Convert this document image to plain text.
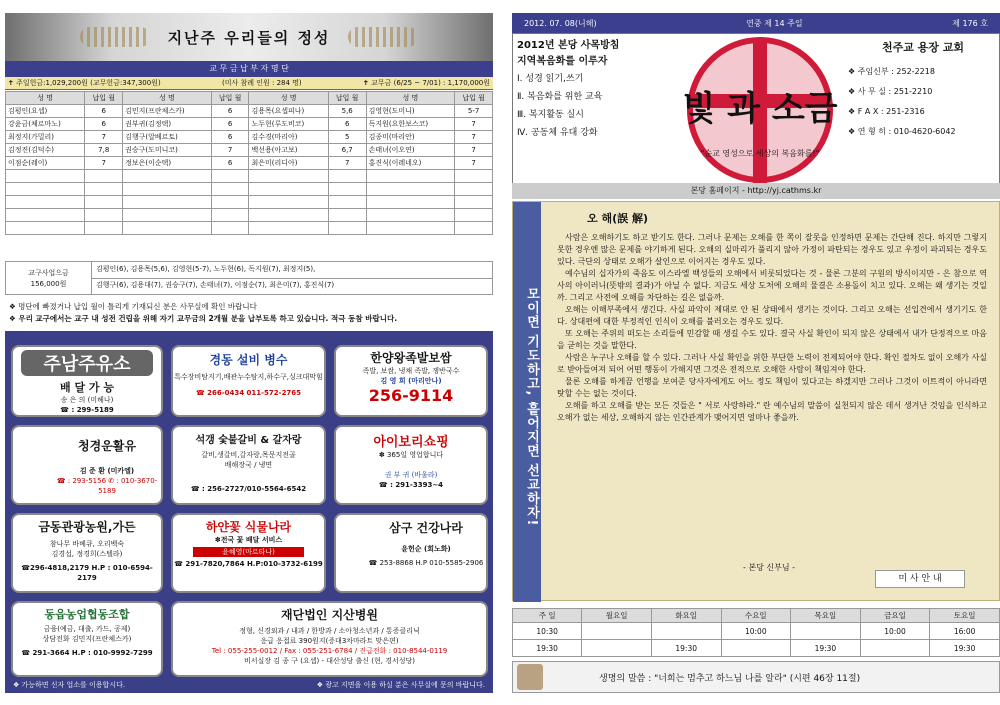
지난주 우리들의 정성
교 무 금 납 부 자 명 단
✝ 주일헌금:1,029,200원 (교무헌금:347,300원)	(미사 참례 인원 : 284 명)	✝ 교무금 (6/25 ~ 7/01) : 1,170,000원
성 명	납입 월	성 명	납입 월	성 명	납입 월	성 명	납입 월
김평인(요셉)	6	김민지(프란체스카)	6	김용목(요셉피나)	5,6	김영현(도미니)	5-7
강윤금(체르마노)	6	권부귀(김정택)	6	노두현(루도비코)	6	독지원(요한보스코)	7
최정지(가밀리)	7	김행구(알베르토)	6	김수경(마리아)	5	김종미(마리안)	7
김정진(김덕수)	7,8	권승구(도미니코)	7	백선용(아고보)	6,7	손태녀(이오연)	7
이점순(레이)	7	정보은(이순택)	6	최은미(리디아)	7	홍진식(이레네오)	7

교구사업으금
156,000원
김평인(6), 김용목(5,6), 김영현(5-7), 노두현(6), 독지원(7), 최정지(5),
김행구(6), 김용대(7), 권승구(7), 손태녀(7), 이점순(7), 최은미(7), 홍진식(7)
❖ 명단에 빠졌거나 납입 월이 틀리게 기재되신 분은 사무실에 확인 바랍니다
❖ 우리 교구에서는 교구 내 성전 건립을 위해 자기 교무금의 2개월 분을 납부토록 하고 있습니다. 적극 동참 바랍니다.
주남주유소
배 달 가 능
송 은 의 (미헤나)
☎ : 299-5189
경동 설비 병수
특수장비탐지기,배관누수탐지,하수구,싱크대막힘
☎ 266-0434 011-572-2765
한양왕족발보쌈
족발, 보쌈, 냉채 족발, 쟁반국수
김 영 희 (마리안나)
256-9114
청경운활유
김 준 환 (미카엘)
☎ : 293-5156 ✆ : 010-3670-5189
석갱 숯불갈비 & 갈자랑
갈비,생갈비,갈자랑,목문지전골
배해장국 / 냉면
☎ : 256-2727/010-5564-6542
아이보리쇼핑
✽ 365일 영업합니다
권 부 귀 (바울라)
☎ : 291-3393~4
금동관광농원,가든
참나무 바베큐, 오리백숙
김경섭, 정경희(스텔라)
☎296-4818,2179 H.P : 010-6594-2179
하얀꽃 식물나라
✽전국 꽃 배달 서비스
윤혜영(마르타나)
☎ 291-7820,7864 H.P:010-3732-6199
삼구 건강나라
윤헌순 (회노화)
☎ 253-8868 H.P 010-5585-2906
동읍농업협동조합
금융(예금, 대출, 카드, 공제)
상담전화 김민지(프란체스카)
☎ 291-3664 H.P : 010-9992-7299
재단법인 지산병원
정형, 신경외과 / 내과 / 한방과 / 소아청소년과 / 통증클리닉
응급 응접료 390원지(증대3차마라트 맞은편)
Tel : 055-255-0012 / Fax : 055-251-6784 / 진급전화 : 010-8544-0119
비서실장 김 종 구 (요셉) - 대산성당 출신 (현, 경서성당)
❖ 가능하면 신자 업소를 이용합시다.	❖ 광고 지면을 이용 하실 분은 사무실에 문의 바랍니다.
2012. 07. 08(니해)	연중 제 14 주일	제 176 호
2012년 본당 사목방침
지역복음화를 이루자
Ⅰ. 성경 읽기,쓰기
Ⅱ. 복음화를 위한 교육
Ⅲ. 복지활동 실시
Ⅳ. 공동체 유대 강화
빛 과 소금
"순교 영성으로 세상의 복음화를!"
천주교 용장 교회
❖ 주임신부 : 252-2218
❖ 사 무 실 : 251-2210
❖ F A X : 251-2316
❖ 연 형 히 : 010-4620-6042
본당 홈페이지 - http://yj.cathms.kr
모이면 기도하고, 흩어지면 선교하자!
오 해(誤 解)

사람은 오해하기도 하고 받기도 한다. 그러나 문제는 오해를 한 쪽이 잘못을 인정하면 문제는 간단해 진다. 하지만 그렇지 못한 경우엔 많은 문제를 야기하게 된다. 오해의 실마리가 풀리지 않아 가정이 파탄되는 경우도 있고 우정이 파괴되는 경우도 있다. 극단의 상태로 오해가 살인으로 이어지는 경우도 있다.

예수님의 십자가의 죽음도 이스라엘 백성들의 오해에서 비롯되었다는 것 - 물론 그분의 구원의 방식이지만 - 은 참으로 역사의 아이러니(뜻밖의 결과)가 아닐 수 없다. 지금도 세상 도처에 오해의 물결은 소용돌이 치고 있다. 오해는 왜 생기는 것일까. 그리고 사전에 오해를 차단하는 길은 없을까.

오해는 이해부족에서 생긴다. 사실 파악이 제대로 안 된 상태에서 생기는 것이다. 그리고 오해는 선입견에서 생기기도 한다. 상대편에 대한 부정적인 인식이 오해를 불러오는 경우도 있다.

또 오해는 주위의 떠도는 소리들에 민감할 때 생길 수도 있다. 결국 사실 확인이 되지 않은 상태에서 내가 단정적으로 마음을 굳히는 것을 말한다.

사람은 누구나 오해를 할 수 있다. 그러나 사실 확인을 위한 부단한 노력이 전제되어야 한다. 확인 절차도 없이 오해가 사실로 받아들여져 되어 어떤 행동이 가해지면 그것은 전적으로 오해한 사람이 책임져야 한다.

물론 오해를 하게끔 언행을 보여준 당사자에게도 어느 정도 책임이 있다고는 하겠지만 그러나 그것이 이트적이 아니라면 탓할 수는 없는 것이다.

오해를 하고 오해를 받는 모든 것들은 " 서로 사랑하라." 란 예수님의 말씀이 실천되지 않은 데서 생겨난 것임을 인식하고 오해가 없는 세상, 오해하지 않는 인간관계가 맺어지면 얼마나 좋을까.

- 본당 신부님 -
미 사 안 내
주 일	월요일	화요일	수요일	목요일	금요일	토요일
10:30			10:00		10:00	16:00
19:30		19:30		19:30		19:30
생명의 말씀 : "너희는 멈추고 하느님 나를 알라" (시편 46장 11절)
